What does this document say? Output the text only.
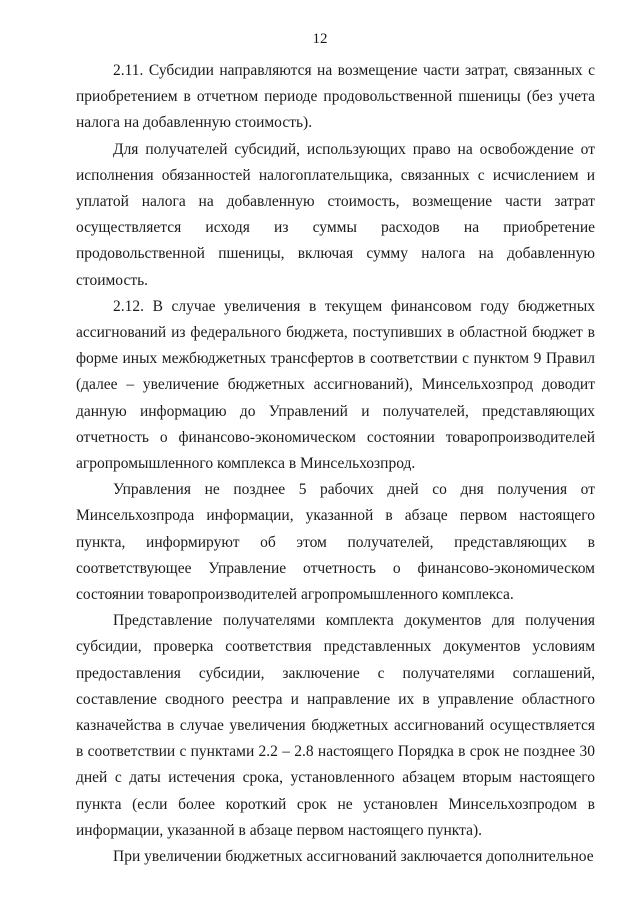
12

2.11. Субсидии направляются на возмещение части затрат, связанных с приобретением в отчетном периоде продовольственной пшеницы (без учета налога на добавленную стоимость).

Для получателей субсидий, использующих право на освобождение от исполнения обязанностей налогоплательщика, связанных с исчислением и уплатой налога на добавленную стоимость, возмещение части затрат осуществляется исходя из суммы расходов на приобретение продовольственной пшеницы, включая сумму налога на добавленную стоимость.

2.12. В случае увеличения в текущем финансовом году бюджетных ассигнований из федерального бюджета, поступивших в областной бюджет в форме иных межбюджетных трансфертов в соответствии с пунктом 9 Правил (далее – увеличение бюджетных ассигнований), Минсельхозпрод доводит данную информацию до Управлений и получателей, представляющих отчетность о финансово-экономическом состоянии товаропроизводителей агропромышленного комплекса в Минсельхозпрод.

Управления не позднее 5 рабочих дней со дня получения от Минсельхозпрода информации, указанной в абзаце первом настоящего пункта, информируют об этом получателей, представляющих в соответствующее Управление отчетность о финансово-экономическом состоянии товаропроизводителей агропромышленного комплекса.

Представление получателями комплекта документов для получения субсидии, проверка соответствия представленных документов условиям предоставления субсидии, заключение с получателями соглашений, составление сводного реестра и направление их в управление областного казначейства в случае увеличения бюджетных ассигнований осуществляется в соответствии с пунктами 2.2 – 2.8 настоящего Порядка в срок не позднее 30 дней с даты истечения срока, установленного абзацем вторым настоящего пункта (если более короткий срок не установлен Минсельхозпродом в информации, указанной в абзаце первом настоящего пункта).

При увеличении бюджетных ассигнований заключается дополнительное
